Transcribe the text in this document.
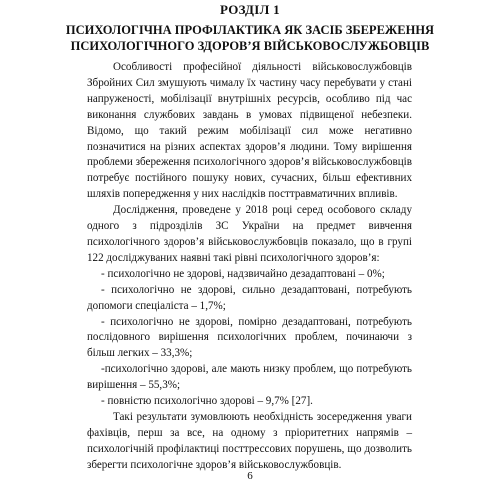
РОЗДІЛ 1
ПСИХОЛОГІЧНА ПРОФІЛАКТИКА ЯК ЗАСІБ ЗБЕРЕЖЕННЯ
ПСИХОЛОГІЧНОГО ЗДОРОВ’Я ВІЙСЬКОВОСЛУЖБОВЦІВ

Особливості професійної діяльності військовослужбовців Збройних Сил змушують чималу їх частину часу перебувати у стані напруженості, мобілізації внутрішніх ресурсів, особливо під час виконання службових завдань в умовах підвищеної небезпеки. Відомо, що такий режим мобілізації сил може негативно позначитися на різних аспектах здоров’я людини. Тому вирішення проблеми збереження психологічного здоров’я військовослужбовців потребує постійного пошуку нових, сучасних, більш ефективних шляхів попередження у них наслідків посттравматичних впливів.

Дослідження, проведене у 2018 році серед особового складу одного з підрозділів ЗС України на предмет вивчення психологічного здоров’я військовослужбовців показало, що в групі 122 досліджуваних наявні такі рівні психологічного здоров’я:

- психологічно не здорові, надзвичайно дезадаптовані – 0%;

- психологічно не здорові, сильно дезадаптовані, потребують допомоги спеціаліста – 1,7%;

- психологічно не здорові, помірно дезадаптовані, потребують послідовного вирішення психологічних проблем, починаючи з більш легких – 33,3%;

-психологічно здорові, але мають низку проблем, що потребують вирішення – 55,3%;

- повністю психологічно здорові – 9,7% [27].

Такі результати зумовлюють необхідність зосередження уваги фахівців, перш за все, на одному з пріоритетних напрямів – психологічній профілактиці посттрессових порушень, що дозволить зберегти психологічне здоров’я військовослужбовців.

6
